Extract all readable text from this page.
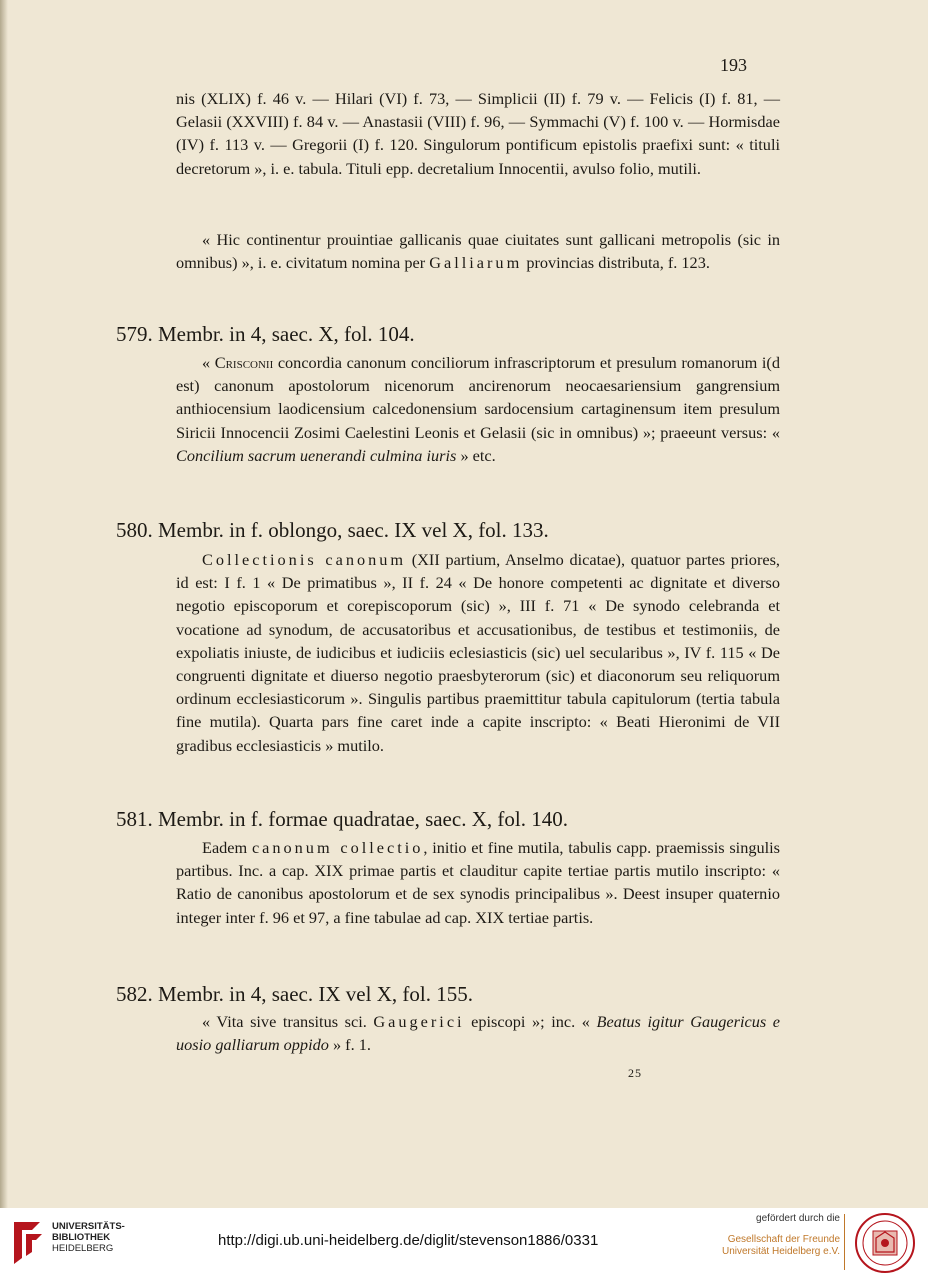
193
nis (XLIX) f. 46 v. — Hilari (VI) f. 73, — Simplicii (II) f. 79 v. — Felicis (I) f. 81, — Gelasii (XXVIII) f. 84 v. — Anastasii (VIII) f. 96, — Symmachi (V) f. 100 v. — Hormisdae (IV) f. 113 v. — Gregorii (I) f. 120. Singulorum pontificum epistolis praefixi sunt: « tituli decretorum », i. e. tabula. Tituli epp. decretalium Innocentii, avulso folio, mutili.
« Hic continentur prouintiae gallicanis quae ciuitates sunt gallicani metropolis (sic in omnibus) », i. e. civitatum nomina per Galliarum provincias distributa, f. 123.
579. Membr. in 4, saec. X, fol. 104.
« Crisconii concordia canonum conciliorum infrascriptorum et presulum romanorum i(d est) canonum apostolorum nicenorum ancirenorum neocaesariensium gangrensium anthiocensium laodicensium calcedonensium sardocensium cartaginensum item presulum Siricii Innocencii Zosimi Caelestini Leonis et Gelasii (sic in omnibus) »; praeeunt versus: « Concilium sacrum uenerandi culmina iuris » etc.
580. Membr. in f. oblongo, saec. IX vel X, fol. 133.
Collectionis canonum (XII partium, Anselmo dicatae), quatuor partes priores, id est: I f. 1 « De primatibus », II f. 24 « De honore competenti ac dignitate et diverso negotio episcoporum et corepiscoporum (sic) », III f. 71 « De synodo celebranda et vocatione ad synodum, de accusatoribus et accusationibus, de testibus et testimoniis, de expoliatis iniuste, de iudicibus et iudiciis eclesiasticis (sic) uel secularibus », IV f. 115 « De congruenti dignitate et diuerso negotio praesbyterorum (sic) et diaconorum seu reliquorum ordinum ecclesiasticorum ». Singulis partibus praemittitur tabula capitulorum (tertia tabula fine mutila). Quarta pars fine caret inde a capite inscripto: « Beati Hieronimi de VII gradibus ecclesiasticis » mutilo.
581. Membr. in f. formae quadratae, saec. X, fol. 140.
Eadem canonum collectio, initio et fine mutila, tabulis capp. praemissis singulis partibus. Inc. a cap. XIX primae partis et clauditur capite tertiae partis mutilo inscripto: « Ratio de canonibus apostolorum et de sex synodis principalibus ». Deest insuper quaternio integer inter f. 96 et 97, a fine tabulae ad cap. XIX tertiae partis.
582. Membr. in 4, saec. IX vel X, fol. 155.
« Vita sive transitus sci. Gaugerici episcopi »; inc. « Beatus igitur Gaugericus e uosio galliarum oppido » f. 1.
25
UNIVERSITÄTS-
BIBLIOTHEK
HEIDELBERG	http://digi.ub.uni-heidelberg.de/diglit/stevenson1886/0331
gefördert durch die
Gesellschaft der Freunde
Universität Heidelberg e.V.
